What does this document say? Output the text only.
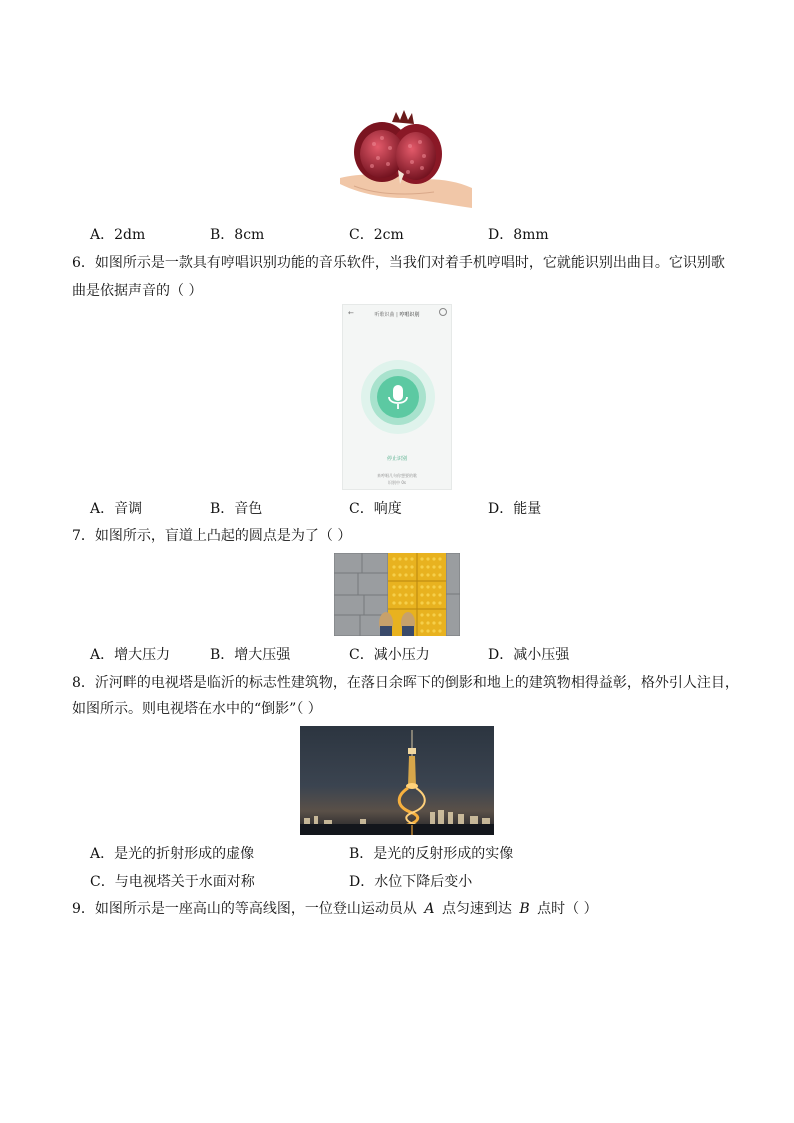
A．2dm	B．8cm	C．2cm	D．8mm
6．如图所示是一款具有哼唱识别功能的音乐软件，当我们对着手机哼唱时，它就能识别出曲目。它识别歌
曲是依据声音的（ ）
←	听歌识曲 | 哼唱识别
停止识别
来哼唱几句你想要的歌
识别中 0s
A．音调	B．音色	C．响度	D．能量
7．如图所示，盲道上凸起的圆点是为了（ ）
A．增大压力	B．增大压强	C．减小压力	D．减小压强
8．沂河畔的电视塔是临沂的标志性建筑物，在落日余晖下的倒影和地上的建筑物相得益彰，格外引人注目，
如图所示。则电视塔在水中的“倒影”（ ）
A．是光的折射形成的虚像	B．是光的反射形成的实像
C．与电视塔关于水面对称	D．水位下降后变小
9．如图所示是一座高山的等高线图，一位登山运动员从 A 点匀速到达 B 点时（ ）
